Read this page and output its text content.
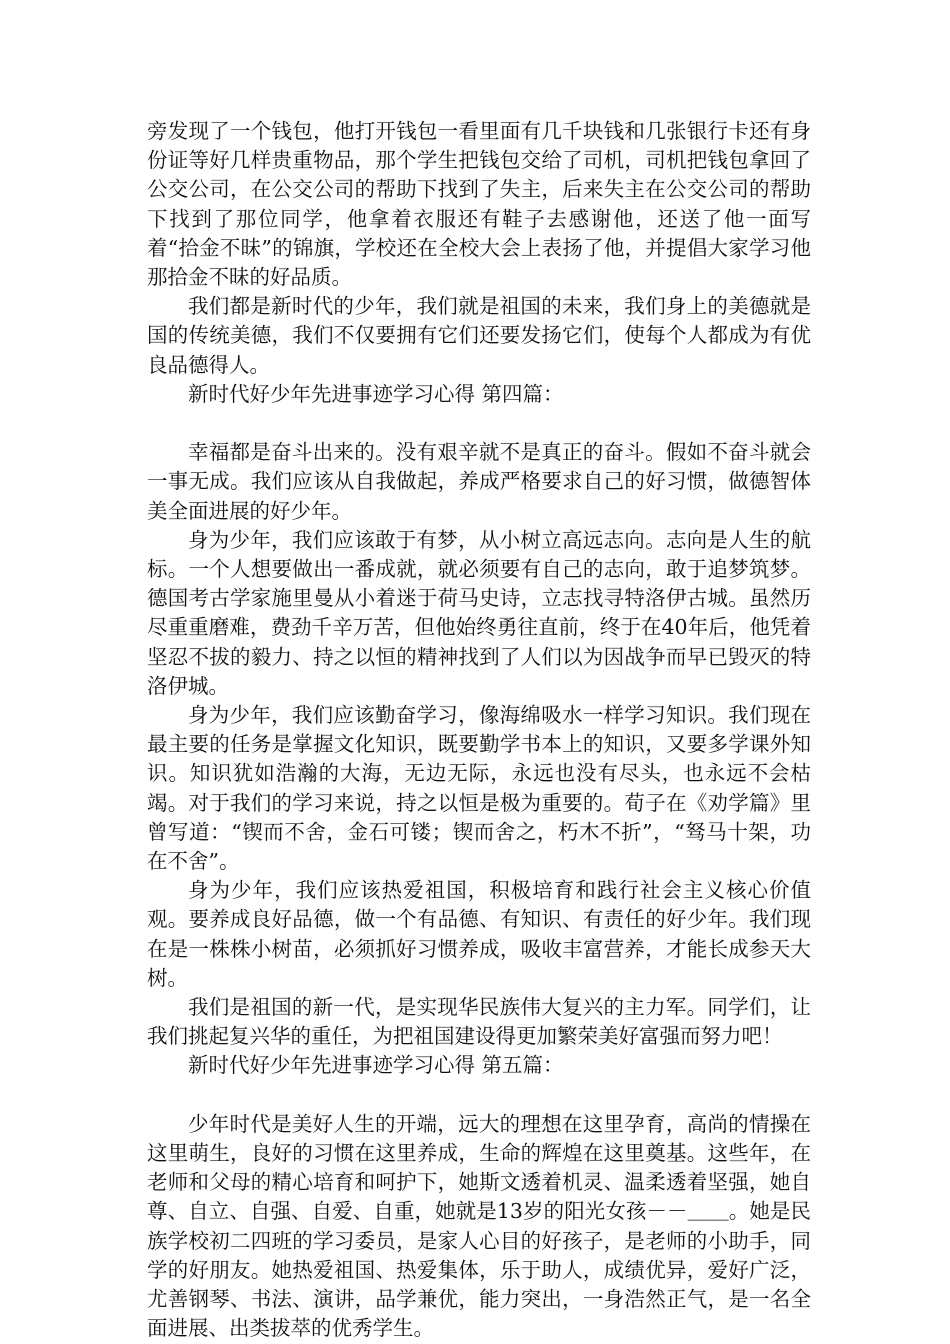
旁发现了一个钱包，他打开钱包一看里面有几千块钱和几张银行卡还有身份证等好几样贵重物品，那个学生把钱包交给了司机，司机把钱包拿回了公交公司，在公交公司的帮助下找到了失主，后来失主在公交公司的帮助下找到了那位同学，他拿着衣服还有鞋子去感谢他，还送了他一面写着“拾金不昧”的锦旗，学校还在全校大会上表扬了他，并提倡大家学习他那拾金不昧的好品质。

我们都是新时代的少年，我们就是祖国的未来，我们身上的美德就是国的传统美德，我们不仅要拥有它们还要发扬它们，使每个人都成为有优良品德得人。

新时代好少年先进事迹学习心得 第四篇：

幸福都是奋斗出来的。没有艰辛就不是真正的奋斗。假如不奋斗就会一事无成。我们应该从自我做起，养成严格要求自己的好习惯，做德智体美全面进展的好少年。

身为少年，我们应该敢于有梦，从小树立高远志向。志向是人生的航标。一个人想要做出一番成就，就必须要有自己的志向，敢于追梦筑梦。德国考古学家施里曼从小着迷于荷马史诗，立志找寻特洛伊古城。虽然历尽重重磨难，费劲千辛万苦，但他始终勇往直前，终于在40年后，他凭着坚忍不拔的毅力、持之以恒的精神找到了人们以为因战争而早已毁灭的特洛伊城。

身为少年，我们应该勤奋学习，像海绵吸水一样学习知识。我们现在最主要的任务是掌握文化知识，既要勤学书本上的知识，又要多学课外知识。知识犹如浩瀚的大海，无边无际，永远也没有尽头，也永远不会枯竭。对于我们的学习来说，持之以恒是极为重要的。荀子在《劝学篇》里曾写道：“锲而不舍，金石可镂；锲而舍之，朽木不折”，“驽马十架，功在不舍”。

身为少年，我们应该热爱祖国，积极培育和践行社会主义核心价值观。要养成良好品德，做一个有品德、有知识、有责任的好少年。我们现在是一株株小树苗，必须抓好习惯养成，吸收丰富营养，才能长成参天大树。

我们是祖国的新一代，是实现华民族伟大复兴的主力军。同学们，让我们挑起复兴华的重任，为把祖国建设得更加繁荣美好富强而努力吧！

新时代好少年先进事迹学习心得 第五篇：

少年时代是美好人生的开端，远大的理想在这里孕育，高尚的情操在这里萌生，良好的习惯在这里养成，生命的辉煌在这里奠基。这些年，在老师和父母的精心培育和呵护下，她斯文透着机灵、温柔透着坚强，她自尊、自立、自强、自爱、自重，她就是13岁的阳光女孩－－＿＿。她是民族学校初二四班的学习委员，是家人心目的好孩子，是老师的小助手，同学的好朋友。她热爱祖国、热爱集体，乐于助人，成绩优异，爱好广泛，尤善钢琴、书法、演讲，品学兼优，能力突出，一身浩然正气，是一名全面进展、出类拔萃的优秀学生。
